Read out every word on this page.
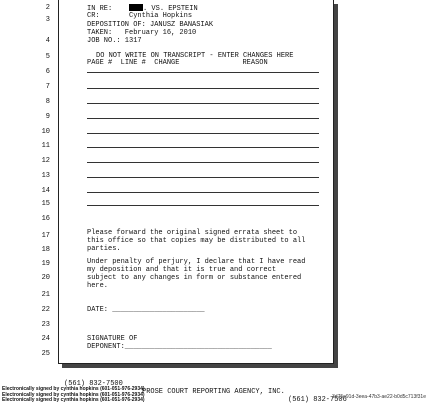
2
3
4
5
6
7
8
9
10
11
12
13
14
15
16
17
18
19
20
21
22
23
24
25
IN RE:	. VS. EPSTEIN
CR:	Cynthia Hopkins
DEPOSITION OF: JANUSZ BANASIAK
TAKEN:   February 16, 2010
JOB NO.: 1317
DO NOT WRITE ON TRANSCRIPT - ENTER CHANGES HERE
PAGE # LINE # CHANGE	REASON
Please forward the original signed errata sheet to
this office so that copies may be distributed to all
parties.
Under penalty of perjury, I declare that I have read
my deposition and that it is true and correct
subject to any changes in form or substance entered
here.
DATE: ______________________
SIGNATURE OF
DEPONENT:___________________________________

(561) 832-7500

PROSE COURT REPORTING AGENCY, INC.

(561) 832-7506

Electronically signed by cynthia hopkins (601-051-976-2934)
Electronically signed by cynthia hopkins (601-051-976-2934)
Electronically signed by cynthia hopkins (601-051-976-2934)	3d75e91d-3eea-47b3-ae22-b0d5c713f31e
